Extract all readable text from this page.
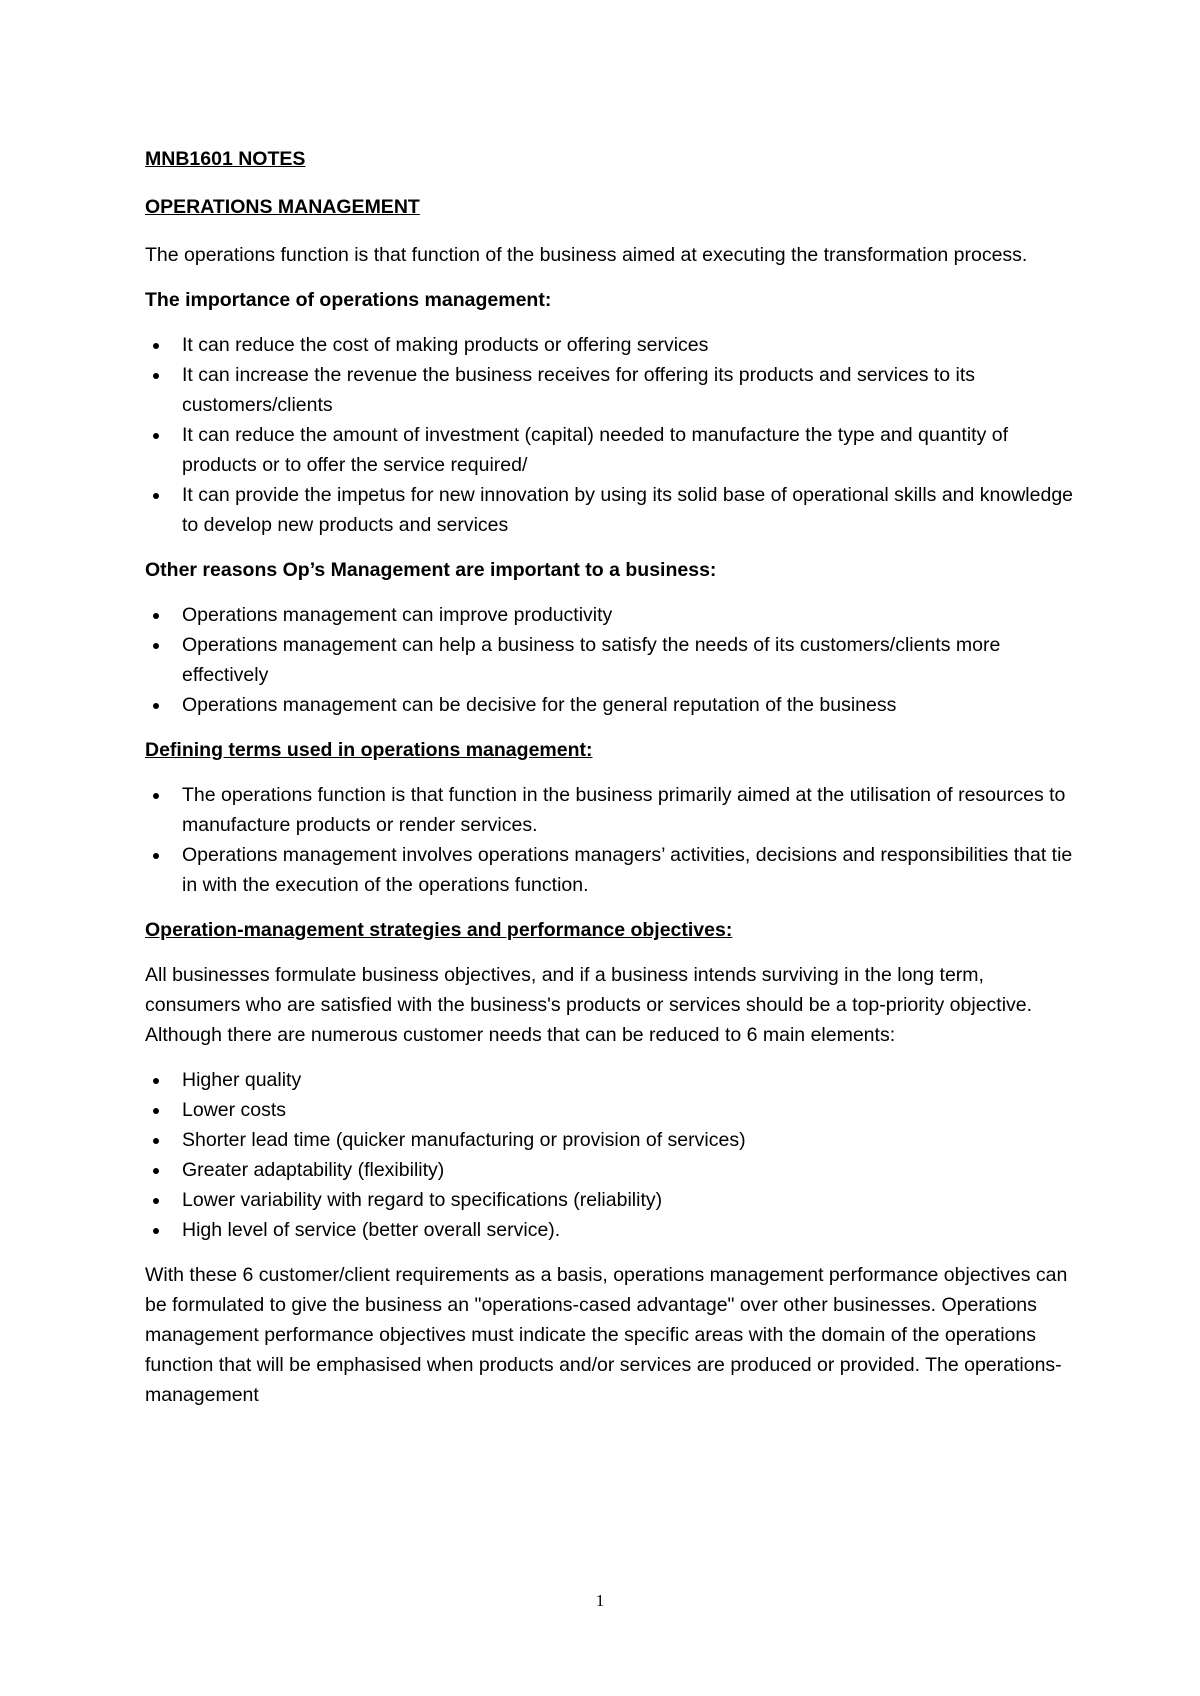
MNB1601 NOTES
OPERATIONS MANAGEMENT

The operations function is that function of the business aimed at executing the transformation process.

The importance of operations management:
It can reduce the cost of making products or offering services
It can increase the revenue the business receives for offering its products and services to its customers/clients
It can reduce the amount of investment (capital) needed to manufacture the type and quantity of products or to offer the service required/
It can provide the impetus for new innovation by using its solid base of operational skills and knowledge to develop new products and services
Other reasons Op’s Management are important to a business:
Operations management can improve productivity
Operations management can help a business to satisfy the needs of its customers/clients more effectively
Operations management can be decisive for the general reputation of the business
Defining terms used in operations management:
The operations function is that function in the business primarily aimed at the utilisation of resources to manufacture products or render services.
Operations management involves operations managers’ activities, decisions and responsibilities that tie in with the execution of the operations function.
Operation-management strategies and performance objectives:

All businesses formulate business objectives, and if a business intends surviving in the long term, consumers who are satisfied with the business's products or services should be a top-priority objective. Although there are numerous customer needs that can be reduced to 6 main elements:

Higher quality
Lower costs
Shorter lead time (quicker manufacturing or provision of services)
Greater adaptability (flexibility)
Lower variability with regard to specifications (reliability)
High level of service (better overall service).

With these 6 customer/client requirements as a basis, operations management performance objectives can be formulated to give the business an "operations-cased advantage" over other businesses. Operations management performance objectives must indicate the specific areas with the domain of the operations function that will be emphasised when products and/or services are produced or provided. The operations-management

1
